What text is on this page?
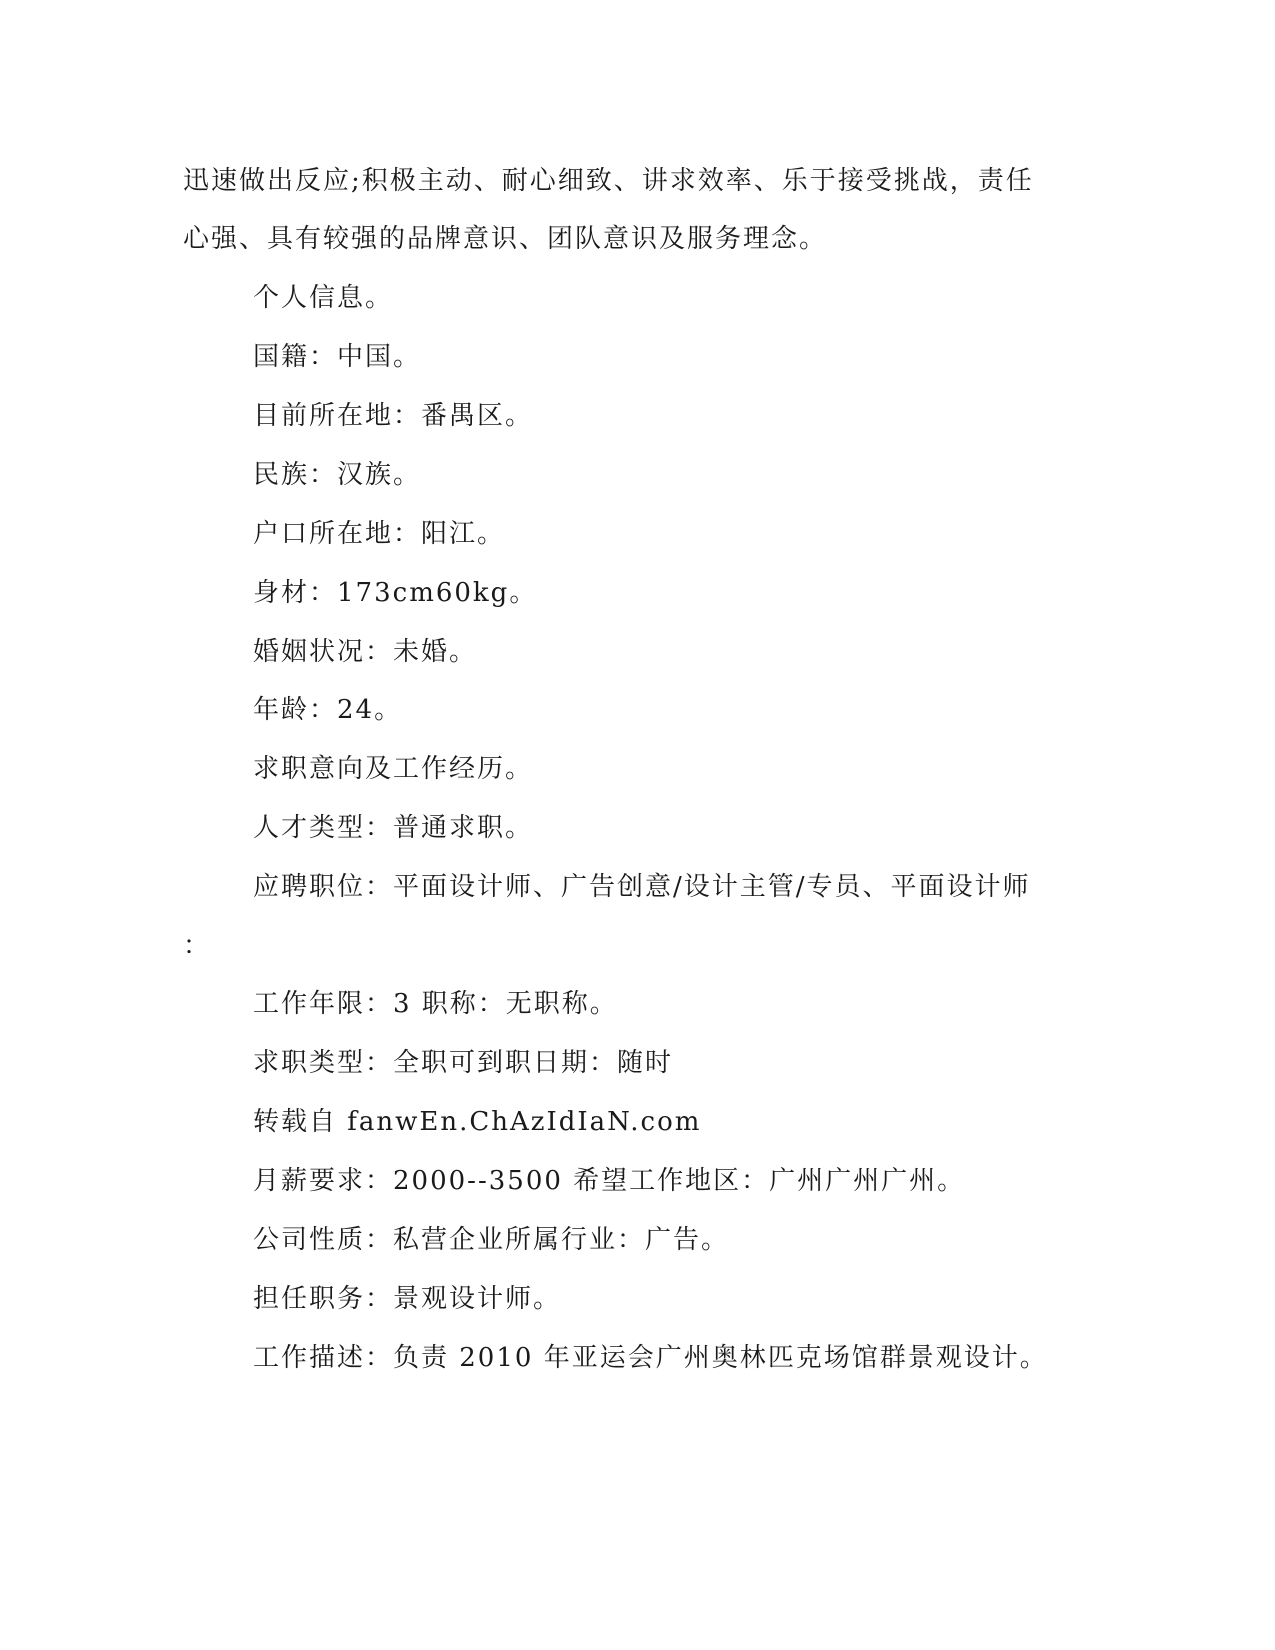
迅速做出反应;积极主动、耐心细致、讲求效率、乐于接受挑战，责任
心强、具有较强的品牌意识、团队意识及服务理念。
个人信息。
国籍：中国。
目前所在地：番禺区。
民族：汉族。
户口所在地：阳江。
身材：173cm60kg。
婚姻状况：未婚。
年龄：24。
求职意向及工作经历。
人才类型：普通求职。
应聘职位：平面设计师、广告创意/设计主管/专员、平面设计师
：
工作年限：3 职称：无职称。
求职类型：全职可到职日期：随时
转载自 fanwEn.ChAzIdIaN.com
月薪要求：2000--3500 希望工作地区：广州广州广州。
公司性质：私营企业所属行业：广告。
担任职务：景观设计师。
工作描述：负责 2010 年亚运会广州奥林匹克场馆群景观设计。
